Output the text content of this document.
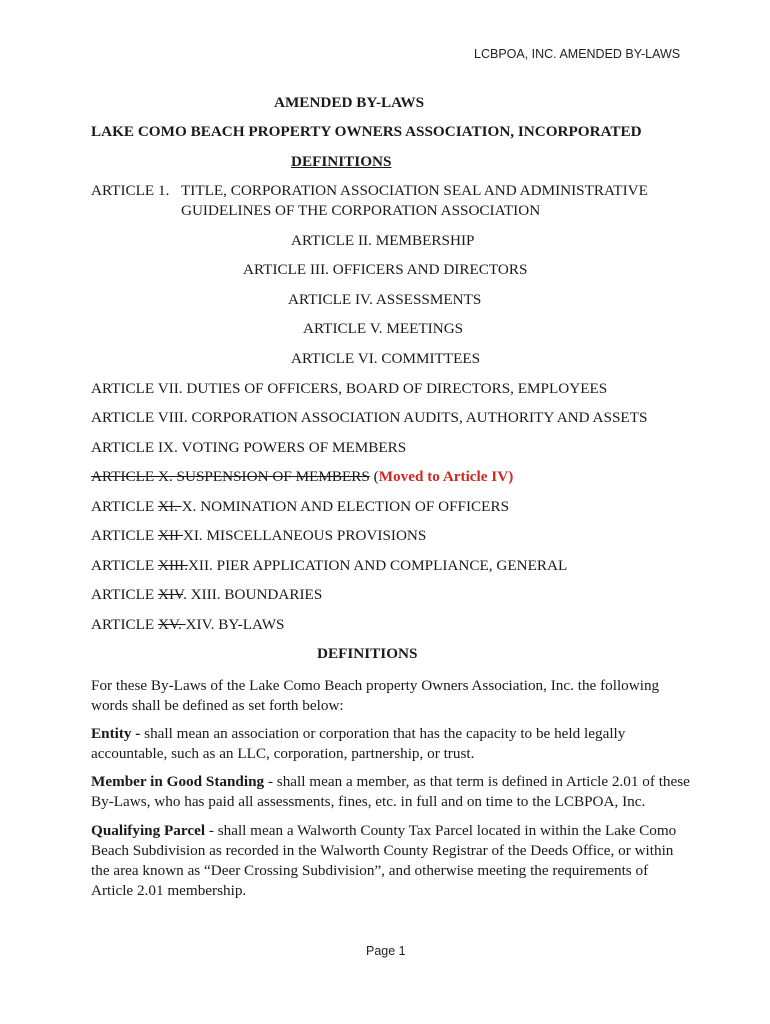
LCBPOA, INC. AMENDED BY-LAWS
AMENDED BY-LAWS
LAKE COMO BEACH PROPERTY OWNERS ASSOCIATION, INCORPORATED
DEFINITIONS
ARTICLE 1. TITLE, CORPORATION ASSOCIATION SEAL AND ADMINISTRATIVE
GUIDELINES OF THE CORPORATION ASSOCIATION
ARTICLE II. MEMBERSHIP
ARTICLE III. OFFICERS AND DIRECTORS
ARTICLE IV. ASSESSMENTS
ARTICLE V. MEETINGS
ARTICLE VI. COMMITTEES
ARTICLE VII. DUTIES OF OFFICERS, BOARD OF DIRECTORS, EMPLOYEES
ARTICLE VIII. CORPORATION ASSOCIATION AUDITS, AUTHORITY AND ASSETS
ARTICLE IX. VOTING POWERS OF MEMBERS
ARTICLE X. SUSPENSION OF MEMBERS (Moved to Article IV)
ARTICLE XI. X. NOMINATION AND ELECTION OF OFFICERS
ARTICLE XII XI. MISCELLANEOUS PROVISIONS
ARTICLE XIII.XII. PIER APPLICATION AND COMPLIANCE, GENERAL
ARTICLE XIV. XIII. BOUNDARIES
ARTICLE XV. XIV. BY-LAWS
DEFINITIONS
For these By-Laws of the Lake Como Beach property Owners Association, Inc. the following words shall be defined as set forth below:
Entity - shall mean an association or corporation that has the capacity to be held legally accountable, such as an LLC, corporation, partnership, or trust.
Member in Good Standing - shall mean a member, as that term is defined in Article 2.01 of these By-Laws, who has paid all assessments, fines, etc. in full and on time to the LCBPOA, Inc.
Qualifying Parcel - shall mean a Walworth County Tax Parcel located in within the Lake Como Beach Subdivision as recorded in the Walworth County Registrar of the Deeds Office, or within the area known as “Deer Crossing Subdivision”, and otherwise meeting the requirements of Article 2.01 membership.
Page 1
